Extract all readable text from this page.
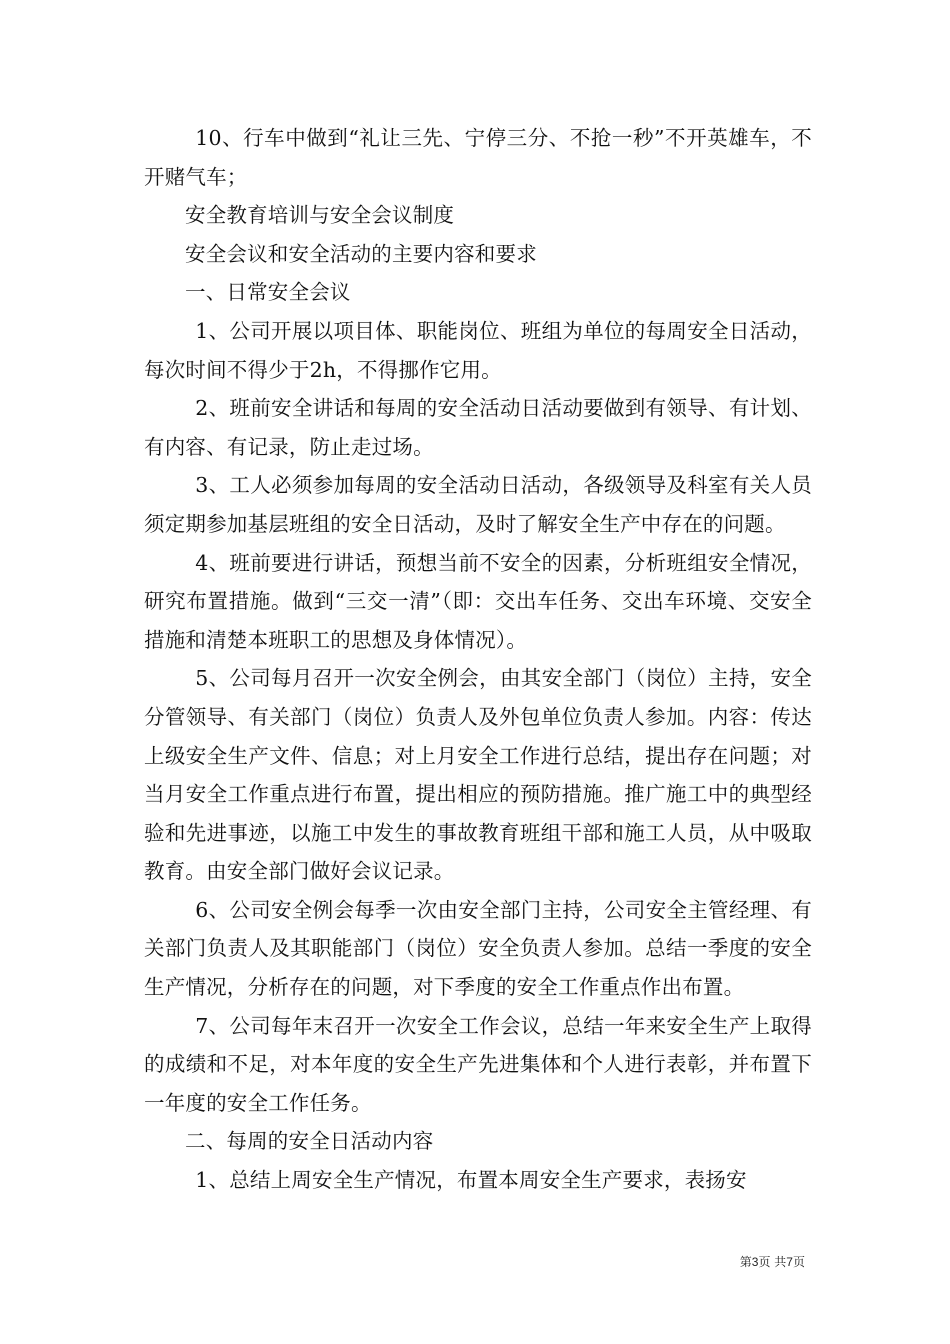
10、行车中做到“礼让三先、宁停三分、不抢一秒”不开英雄车，不开赌气车；

安全教育培训与安全会议制度

安全会议和安全活动的主要内容和要求

一、日常安全会议

1、公司开展以项目体、职能岗位、班组为单位的每周安全日活动，每次时间不得少于2h，不得挪作它用。

2、班前安全讲话和每周的安全活动日活动要做到有领导、有计划、有内容、有记录，防止走过场。

3、工人必须参加每周的安全活动日活动，各级领导及科室有关人员须定期参加基层班组的安全日活动，及时了解安全生产中存在的问题。

4、班前要进行讲话，预想当前不安全的因素，分析班组安全情况，研究布置措施。做到“三交一清”（即：交出车任务、交出车环境、交安全措施和清楚本班职工的思想及身体情况）。

5、公司每月召开一次安全例会，由其安全部门（岗位）主持，安全分管领导、有关部门（岗位）负责人及外包单位负责人参加。内容：传达上级安全生产文件、信息；对上月安全工作进行总结，提出存在问题；对当月安全工作重点进行布置，提出相应的预防措施。推广施工中的典型经验和先进事迹，以施工中发生的事故教育班组干部和施工人员，从中吸取教育。由安全部门做好会议记录。

6、公司安全例会每季一次由安全部门主持，公司安全主管经理、有关部门负责人及其职能部门（岗位）安全负责人参加。总结一季度的安全生产情况，分析存在的问题，对下季度的安全工作重点作出布置。

7、公司每年末召开一次安全工作会议，总结一年来安全生产上取得的成绩和不足，对本年度的安全生产先进集体和个人进行表彰，并布置下一年度的安全工作任务。

二、每周的安全日活动内容

1、总结上周安全生产情况，布置本周安全生产要求，表扬安

第3页 共7页
